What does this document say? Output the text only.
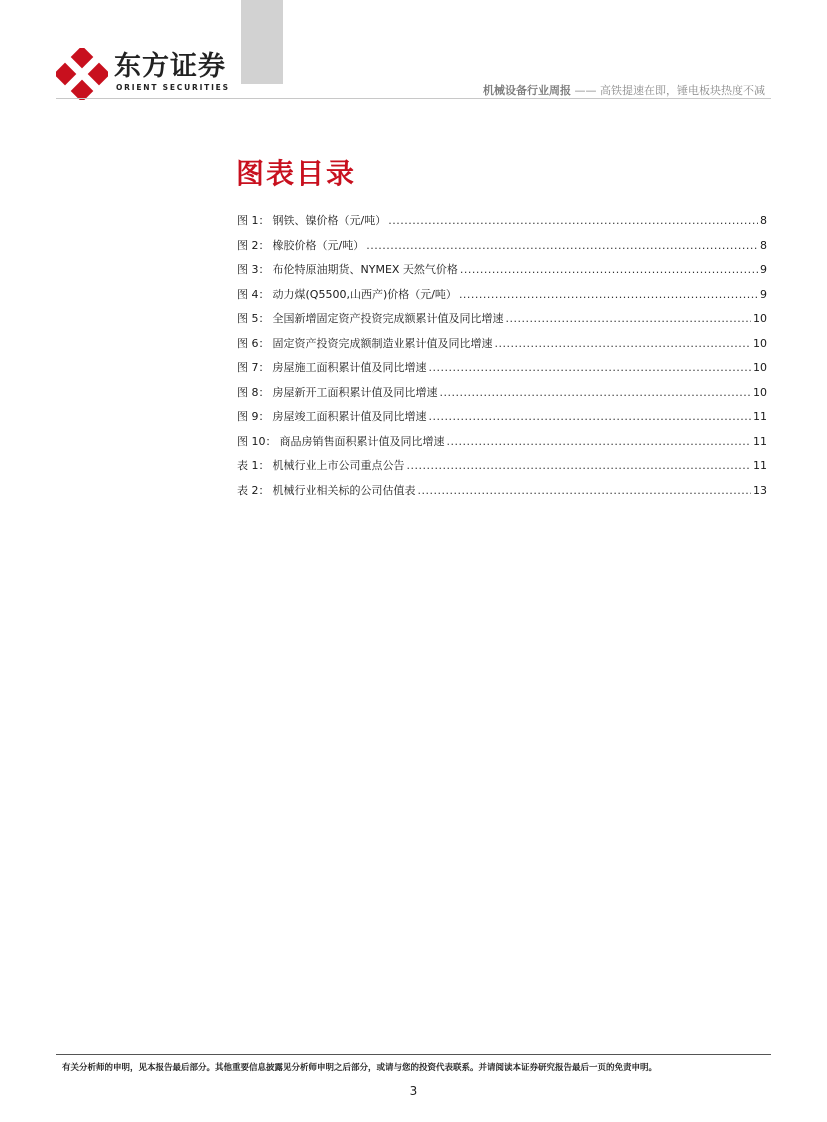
东方证券
ORIENT SECURITIES	机械设备行业周报 —— 高铁提速在即，锤电板块热度不减
图表目录
图 1： 钢铁、镍价格（元/吨） .....	8
图 2： 橡胶价格（元/吨） .....	8
图 3： 布伦特原油期货、NYMEX 天然气价格 .....	9
图 4： 动力煤(Q5500,山西产)价格（元/吨） .....	9
图 5： 全国新增固定资产投资完成额累计值及同比增速 .....	10
图 6： 固定资产投资完成额制造业累计值及同比增速 .....	10
图 7： 房屋施工面积累计值及同比增速 .....	10
图 8： 房屋新开工面积累计值及同比增速 .....	10
图 9： 房屋竣工面积累计值及同比增速 .....	11
图 10： 商品房销售面积累计值及同比增速 .....	11
表 1： 机械行业上市公司重点公告 .....	11
表 2： 机械行业相关标的公司估值表 .....	13
有关分析师的申明，见本报告最后部分。其他重要信息披露见分析师申明之后部分，或请与您的投资代表联系。并请阅读本证券研究报告最后一页的免责申明。
3
